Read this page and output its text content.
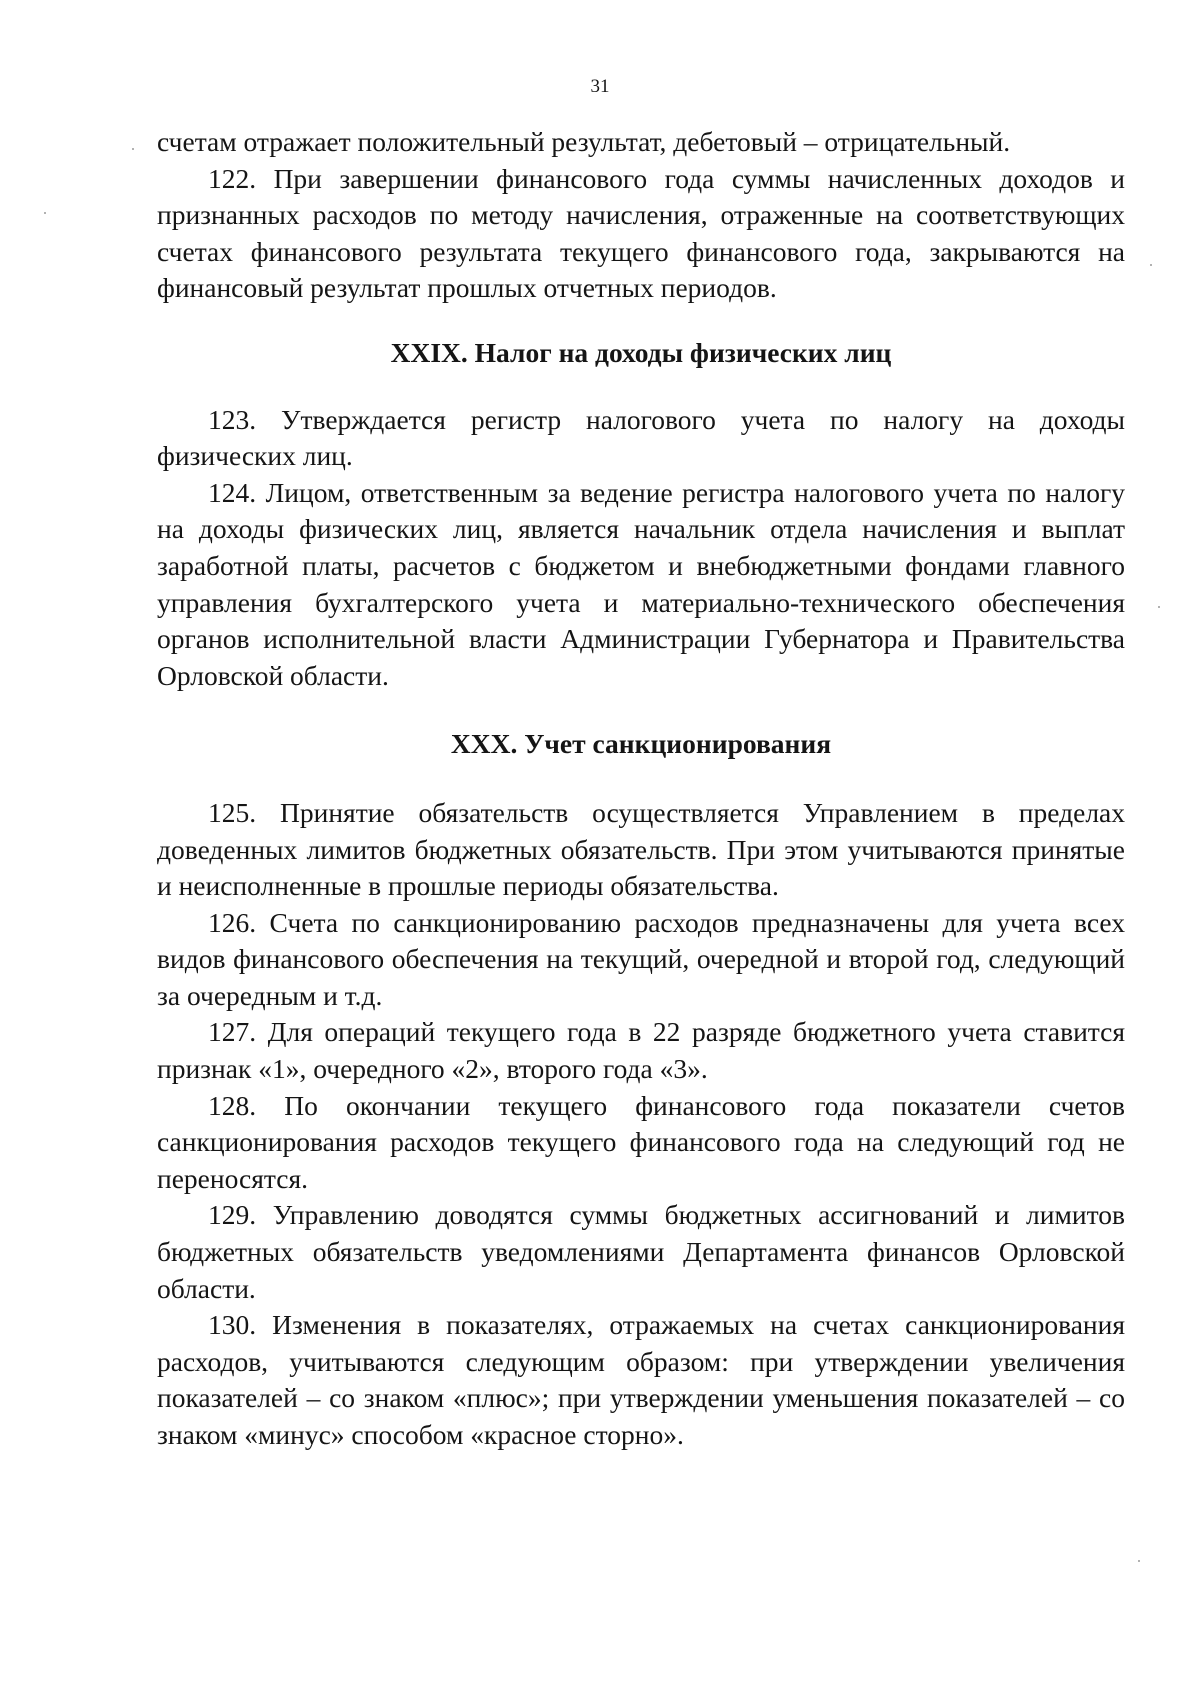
31

счетам отражает положительный результат, дебетовый – отрицательный.

122. При завершении финансового года суммы начисленных доходов и признанных расходов по методу начисления, отраженные на соответствующих счетах финансового результата текущего финансового года, закрываются на финансовый результат прошлых отчетных периодов.

XXIX. Налог на доходы физических лиц

123. Утверждается регистр налогового учета по налогу на доходы физических лиц.

124. Лицом, ответственным за ведение регистра налогового учета по налогу на доходы физических лиц, является начальник отдела начисления и выплат заработной платы, расчетов с бюджетом и внебюджетными фондами главного управления бухгалтерского учета и материально-технического обеспечения органов исполнительной власти Администрации Губернатора и Правительства Орловской области.

XXX. Учет санкционирования

125. Принятие обязательств осуществляется Управлением в пределах доведенных лимитов бюджетных обязательств. При этом учитываются принятые и неисполненные в прошлые периоды обязательства.

126. Счета по санкционированию расходов предназначены для учета всех видов финансового обеспечения на текущий, очередной и второй год, следующий за очередным и т.д.

127. Для операций текущего года в 22 разряде бюджетного учета ставится признак «1», очередного «2», второго года «3».

128. По окончании текущего финансового года показатели счетов санкционирования расходов текущего финансового года на следующий год не переносятся.

129. Управлению доводятся суммы бюджетных ассигнований и лимитов бюджетных обязательств уведомлениями Департамента финансов Орловской области.

130. Изменения в показателях, отражаемых на счетах санкционирования расходов, учитываются следующим образом: при утверждении увеличения показателей – со знаком «плюс»; при утверждении уменьшения показателей – со знаком «минус» способом «красное сторно».
